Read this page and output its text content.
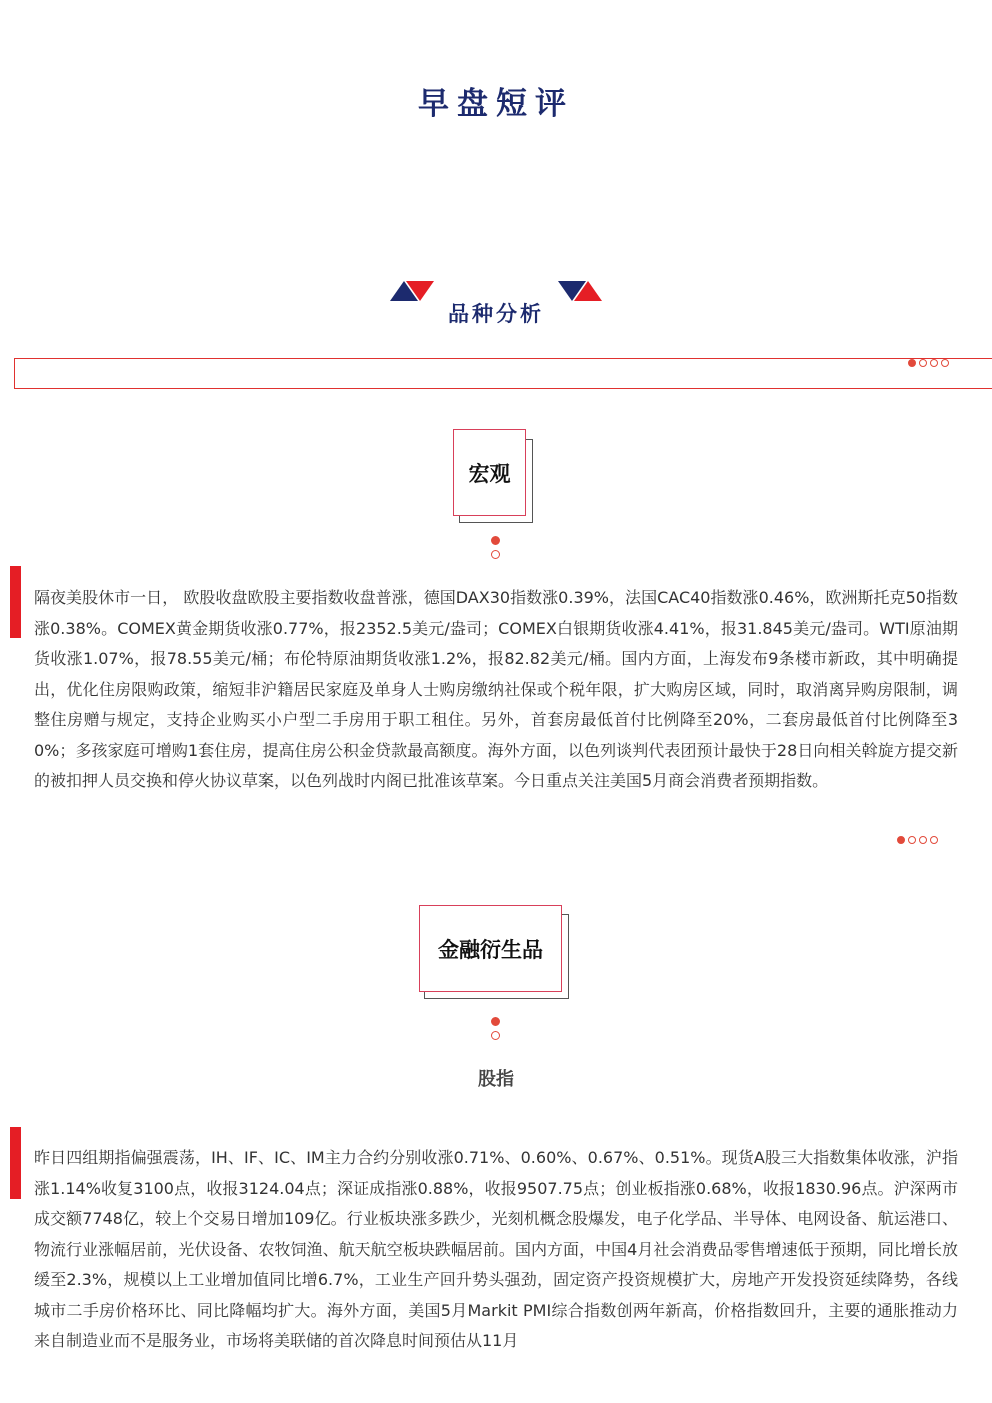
早盘短评
品种分析
宏观
隔夜美股休市一日， 欧股收盘欧股主要指数收盘普涨，德国DAX30指数涨0.39%，法国CAC40指数涨0.46%，欧洲斯托克50指数涨0.38%。COMEX黄金期货收涨0.77%，报2352.5美元/盎司；COMEX白银期货收涨4.41%，报31.845美元/盎司。WTI原油期货收涨1.07%，报78.55美元/桶；布伦特原油期货收涨1.2%，报82.82美元/桶。国内方面，上海发布9条楼市新政，其中明确提出，优化住房限购政策，缩短非沪籍居民家庭及单身人士购房缴纳社保或个税年限，扩大购房区域，同时，取消离异购房限制，调整住房赠与规定，支持企业购买小户型二手房用于职工租住。另外，首套房最低首付比例降至20%，二套房最低首付比例降至30%；多孩家庭可增购1套住房，提高住房公积金贷款最高额度。海外方面，以色列谈判代表团预计最快于28日向相关斡旋方提交新的被扣押人员交换和停火协议草案，以色列战时内阁已批准该草案。今日重点关注美国5月商会消费者预期指数。
金融衍生品
股指
昨日四组期指偏强震荡，IH、IF、IC、IM主力合约分别收涨0.71%、0.60%、0.67%、0.51%。现货A股三大指数集体收涨，沪指涨1.14%收复3100点，收报3124.04点；深证成指涨0.88%，收报9507.75点；创业板指涨0.68%，收报1830.96点。沪深两市成交额7748亿，较上个交易日增加109亿。行业板块涨多跌少，光刻机概念股爆发，电子化学品、半导体、电网设备、航运港口、物流行业涨幅居前，光伏设备、农牧饲渔、航天航空板块跌幅居前。国内方面，中国4月社会消费品零售增速低于预期，同比增长放缓至2.3%，规模以上工业增加值同比增6.7%，工业生产回升势头强劲，固定资产投资规模扩大，房地产开发投资延续降势，各线城市二手房价格环比、同比降幅均扩大。海外方面，美国5月Markit PMI综合指数创两年新高，价格指数回升，主要的通胀推动力来自制造业而不是服务业，市场将美联储的首次降息时间预估从11月
